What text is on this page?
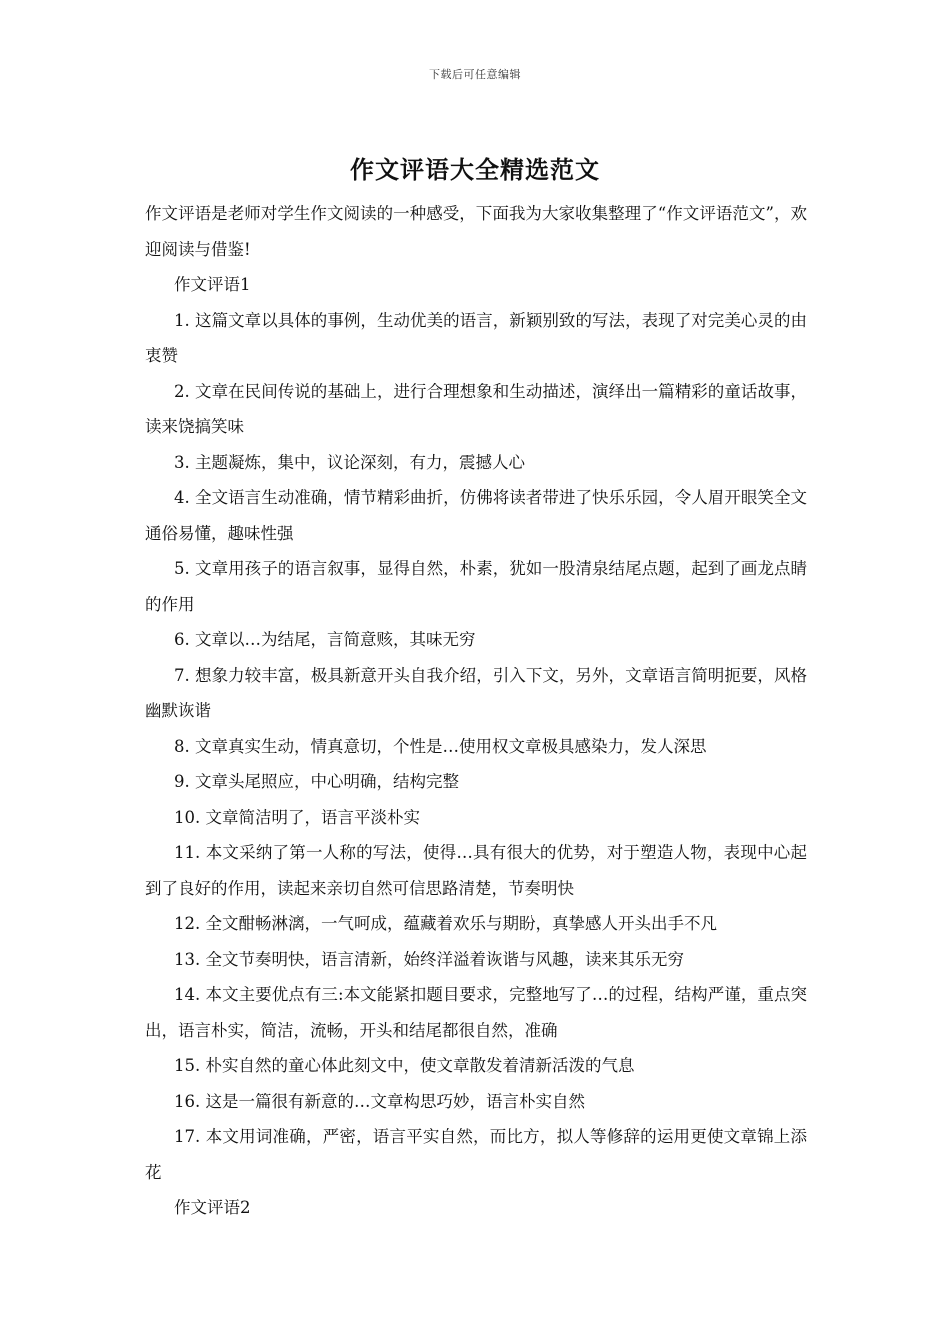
下载后可任意编辑
作文评语大全精选范文

作文评语是老师对学生作文阅读的一种感受，下面我为大家收集整理了“作文评语范文”，欢迎阅读与借鉴!

作文评语1

1. 这篇文章以具体的事例，生动优美的语言，新颖别致的写法，表现了对完美心灵的由衷赞

2. 文章在民间传说的基础上，进行合理想象和生动描述，演绎出一篇精彩的童话故事，读来饶搞笑味

3. 主题凝炼，集中，议论深刻，有力，震撼人心

4. 全文语言生动准确，情节精彩曲折，仿佛将读者带进了快乐乐园，令人眉开眼笑全文通俗易懂，趣味性强

5. 文章用孩子的语言叙事，显得自然，朴素，犹如一股清泉结尾点题，起到了画龙点睛的作用

6. 文章以…为结尾，言简意赅，其味无穷

7. 想象力较丰富，极具新意开头自我介绍，引入下文，另外，文章语言简明扼要，风格幽默诙谐

8. 文章真实生动，情真意切，个性是…使用权文章极具感染力，发人深思

9. 文章头尾照应，中心明确，结构完整

10. 文章简洁明了，语言平淡朴实

11. 本文采纳了第一人称的写法，使得…具有很大的优势，对于塑造人物，表现中心起到了良好的作用，读起来亲切自然可信思路清楚，节奏明快

12. 全文酣畅淋漓，一气呵成，蕴藏着欢乐与期盼，真挚感人开头出手不凡

13. 全文节奏明快，语言清新，始终洋溢着诙谐与风趣，读来其乐无穷

14. 本文主要优点有三:本文能紧扣题目要求，完整地写了…的过程，结构严谨，重点突出，语言朴实，简洁，流畅，开头和结尾都很自然，准确

15. 朴实自然的童心体此刻文中，使文章散发着清新活泼的气息

16. 这是一篇很有新意的…文章构思巧妙，语言朴实自然

17. 本文用词准确，严密，语言平实自然，而比方，拟人等修辞的运用更使文章锦上添花

作文评语2
